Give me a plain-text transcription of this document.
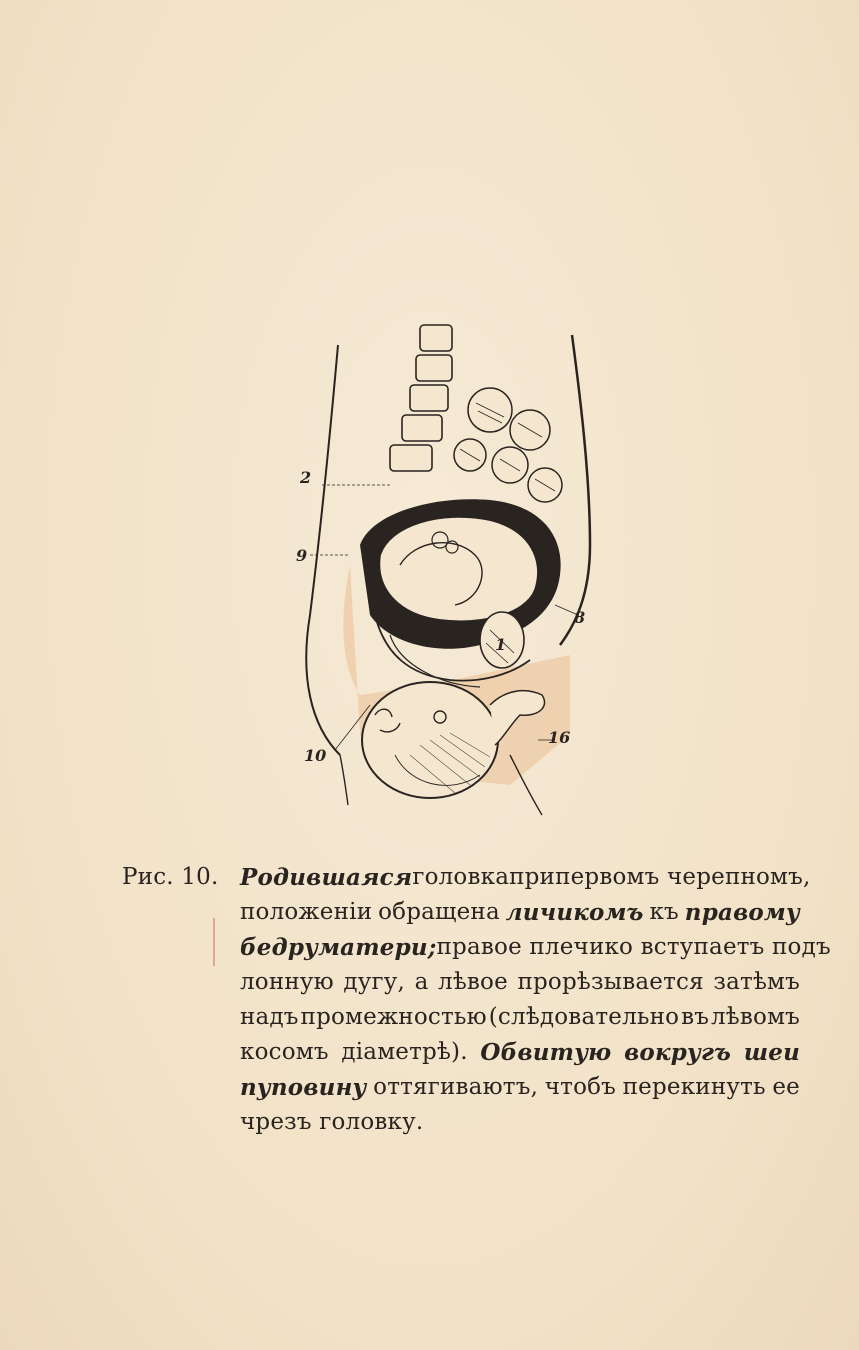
2
9
8
1
10
16
Рис. 10. Родившаяся головка при первомъ черепномъ,
положеніи обращена личикомъ къ правому
бедру матери; правое плечико вступаетъ подъ
лонную дугу, а лѣвое прорѣзывается затѣмъ
надъ промежностью (слѣдовательно въ лѣвомъ
косомъ діаметрѣ). Обвитую вокругъ шеи
пуповину оттягиваютъ, чтобъ перекинуть ее
чрезъ головку.
